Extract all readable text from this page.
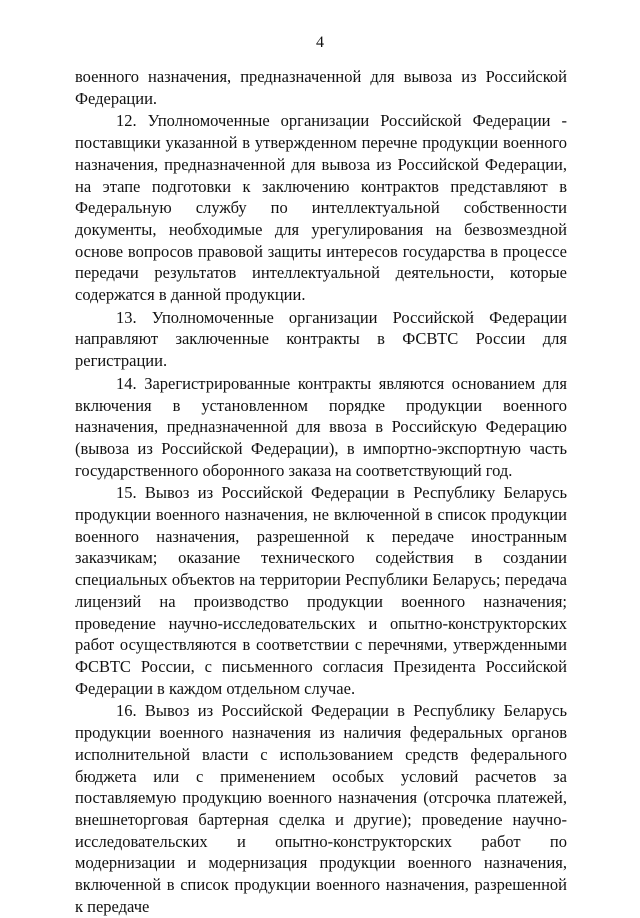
4

военного назначения, предназначенной для вывоза из Российской Федерации.

12. Уполномоченные организации Российской Федерации - поставщики указанной в утвержденном перечне продукции военного назначения, предназначенной для вывоза из Российской Федерации, на этапе подготовки к заключению контрактов представляют в Федеральную службу по интеллектуальной собственности документы, необходимые для урегулирования на безвозмездной основе вопросов правовой защиты интересов государства в процессе передачи результатов интеллектуальной деятельности, которые содержатся в данной продукции.

13. Уполномоченные организации Российской Федерации направляют заключенные контракты в ФСВТС России для регистрации.

14. Зарегистрированные контракты являются основанием для включения в установленном порядке продукции военного назначения, предназначенной для ввоза в Российскую Федерацию (вывоза из Российской Федерации), в импортно-экспортную часть государственного оборонного заказа на соответствующий год.

15. Вывоз из Российской Федерации в Республику Беларусь продукции военного назначения, не включенной в список продукции военного назначения, разрешенной к передаче иностранным заказчикам; оказание технического содействия в создании специальных объектов на территории Республики Беларусь; передача лицензий на производство продукции военного назначения; проведение научно-исследовательских и опытно-конструкторских работ осуществляются в соответствии с перечнями, утвержденными ФСВТС России, с письменного согласия Президента Российской Федерации в каждом отдельном случае.

16. Вывоз из Российской Федерации в Республику Беларусь продукции военного назначения из наличия федеральных органов исполнительной власти с использованием средств федерального бюджета или с применением особых условий расчетов за поставляемую продукцию военного назначения (отсрочка платежей, внешнеторговая бартерная сделка и другие); проведение научно-исследовательских и опытно-конструкторских работ по модернизации и модернизация продукции военного назначения, включенной в список продукции военного назначения, разрешенной к передаче
